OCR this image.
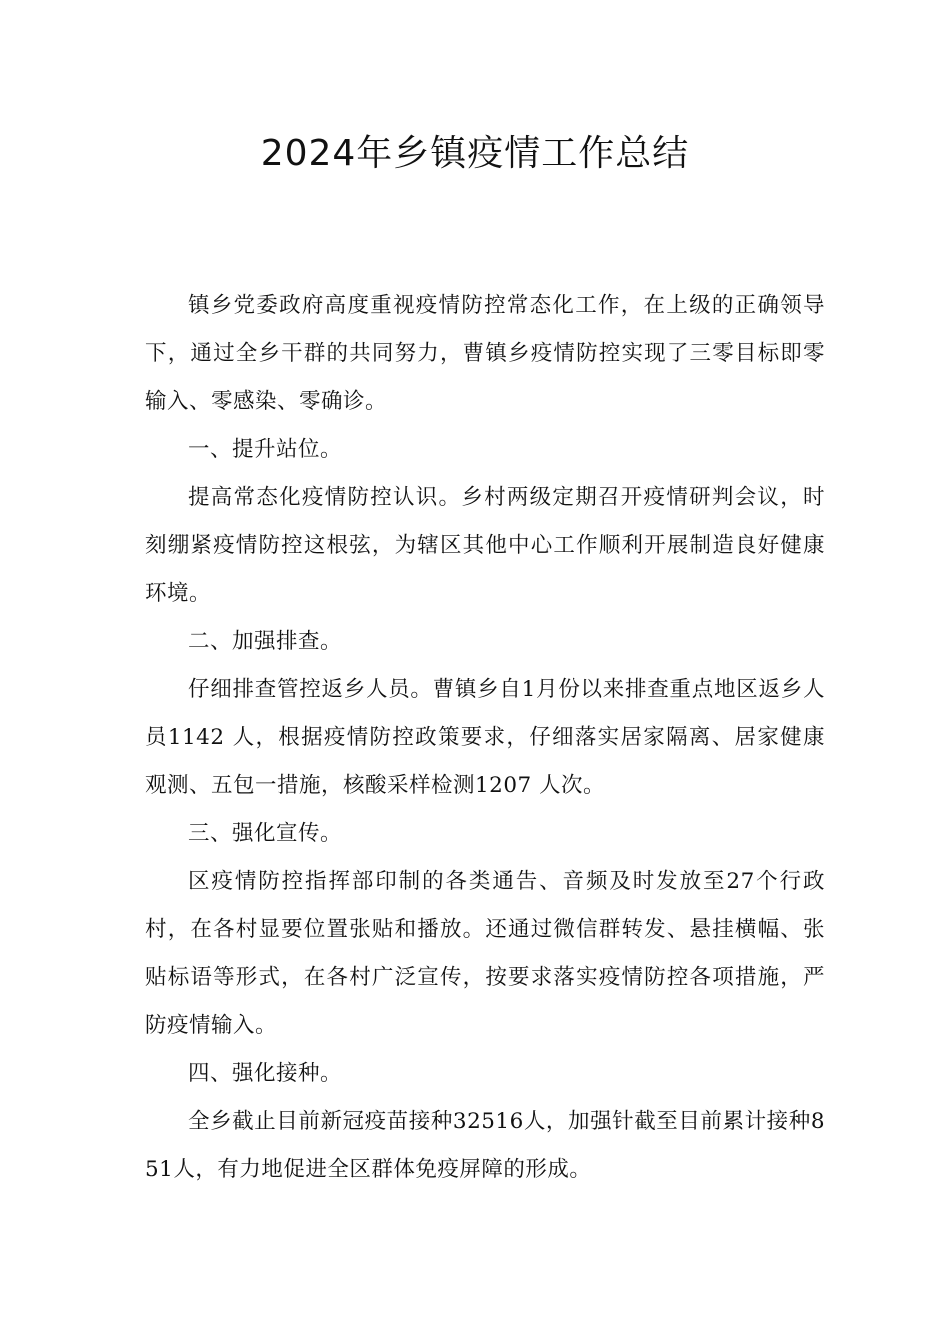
2024年乡镇疫情工作总结

镇乡党委政府高度重视疫情防控常态化工作，在上级的正确领导下，通过全乡干群的共同努力，曹镇乡疫情防控实现了三零目标即零输入、零感染、零确诊。

一、提升站位。

提高常态化疫情防控认识。乡村两级定期召开疫情研判会议，时刻绷紧疫情防控这根弦，为辖区其他中心工作顺利开展制造良好健康环境。

二、加强排查。

仔细排查管控返乡人员。曹镇乡自1月份以来排查重点地区返乡人员1142 人，根据疫情防控政策要求，仔细落实居家隔离、居家健康观测、五包一措施，核酸采样检测1207 人次。

三、强化宣传。

区疫情防控指挥部印制的各类通告、音频及时发放至27个行政村，在各村显要位置张贴和播放。还通过微信群转发、悬挂横幅、张贴标语等形式，在各村广泛宣传，按要求落实疫情防控各项措施，严防疫情输入。

四、强化接种。

全乡截止目前新冠疫苗接种32516人，加强针截至目前累计接种851人，有力地促进全区群体免疫屏障的形成。
